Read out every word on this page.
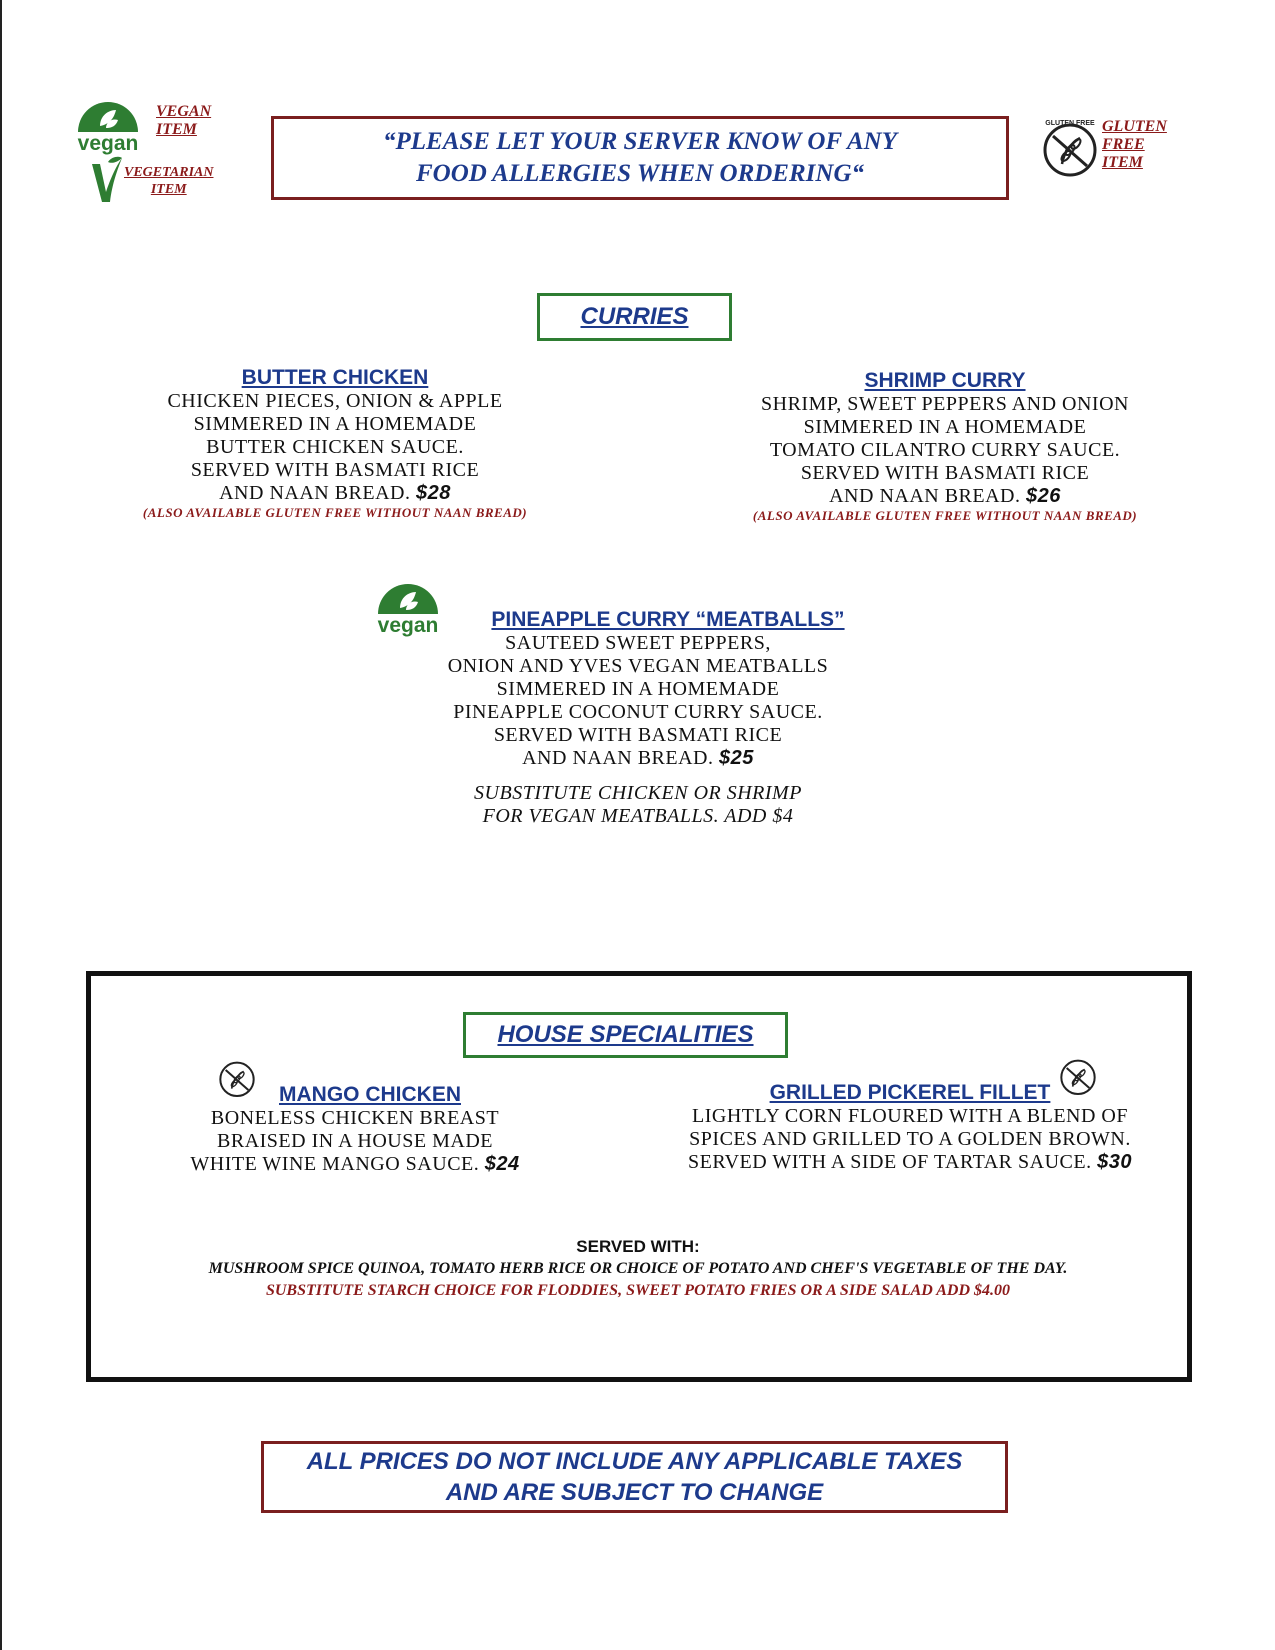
vegan
VEGAN
ITEM
VEGETARIAN
ITEM
“PLEASE LET YOUR SERVER KNOW OF ANY
FOOD ALLERGIES WHEN ORDERING“
GLUTEN FREE GLUTEN
FREE
ITEM
CURRIES
BUTTER CHICKEN
CHICKEN PIECES, ONION & APPLE
SIMMERED IN A HOMEMADE
BUTTER CHICKEN SAUCE.
SERVED WITH BASMATI RICE
AND NAAN BREAD. $28
(ALSO AVAILABLE GLUTEN FREE WITHOUT NAAN BREAD)
SHRIMP CURRY
SHRIMP, SWEET PEPPERS AND ONION
SIMMERED IN A HOMEMADE
TOMATO CILANTRO CURRY SAUCE.
SERVED WITH BASMATI RICE
AND NAAN BREAD. $26
(ALSO AVAILABLE GLUTEN FREE WITHOUT NAAN BREAD)
vegan	PINEAPPLE CURRY “MEATBALLS”
SAUTEED SWEET PEPPERS,
ONION AND YVES VEGAN MEATBALLS
SIMMERED IN A HOMEMADE
PINEAPPLE COCONUT CURRY SAUCE.
SERVED WITH BASMATI RICE
AND NAAN BREAD. $25
SUBSTITUTE CHICKEN OR SHRIMP
FOR VEGAN MEATBALLS. ADD $4
HOUSE SPECIALITIES
MANGO CHICKEN
BONELESS CHICKEN BREAST
BRAISED IN A HOUSE MADE
WHITE WINE MANGO SAUCE. $24
GRILLED PICKEREL FILLET
LIGHTLY CORN FLOURED WITH A BLEND OF
SPICES AND GRILLED TO A GOLDEN BROWN.
SERVED WITH A SIDE OF TARTAR SAUCE. $30
SERVED WITH:
MUSHROOM SPICE QUINOA, TOMATO HERB RICE OR CHOICE OF POTATO AND CHEF'S VEGETABLE OF THE DAY.
SUBSTITUTE STARCH CHOICE FOR FLODDIES, SWEET POTATO FRIES OR A SIDE SALAD ADD $4.00
ALL PRICES DO NOT INCLUDE ANY APPLICABLE TAXES
AND ARE SUBJECT TO CHANGE
